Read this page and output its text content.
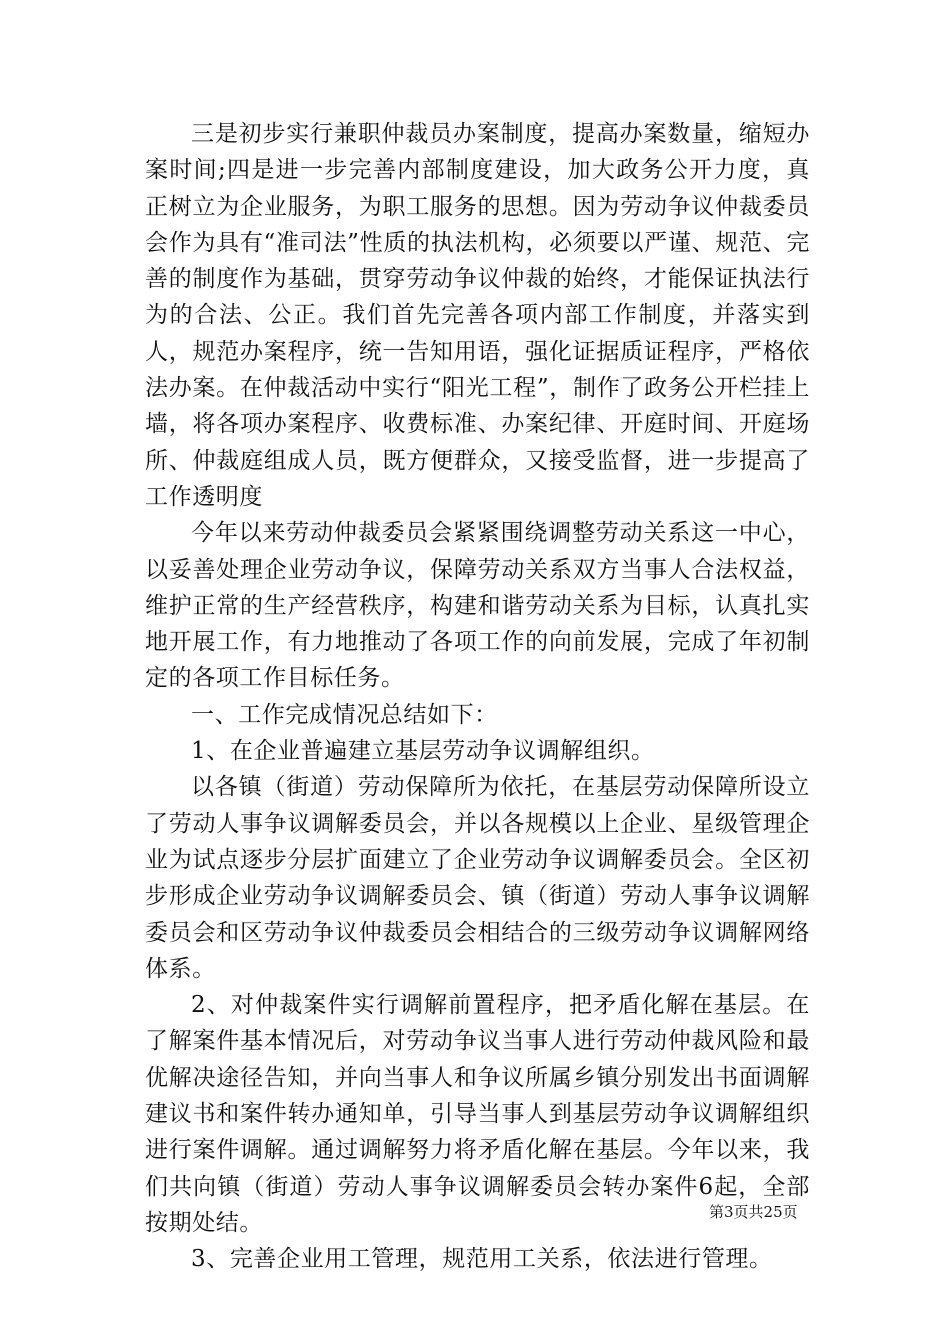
三是初步实行兼职仲裁员办案制度，提高办案数量，缩短办案时间;四是进一步完善内部制度建设，加大政务公开力度，真正树立为企业服务，为职工服务的思想。因为劳动争议仲裁委员会作为具有“准司法”性质的执法机构，必须要以严谨、规范、完善的制度作为基础，贯穿劳动争议仲裁的始终，才能保证执法行为的合法、公正。我们首先完善各项内部工作制度，并落实到人，规范办案程序，统一告知用语，强化证据质证程序，严格依法办案。在仲裁活动中实行“阳光工程”，制作了政务公开栏挂上墙，将各项办案程序、收费标准、办案纪律、开庭时间、开庭场所、仲裁庭组成人员，既方便群众，又接受监督，进一步提高了工作透明度

今年以来劳动仲裁委员会紧紧围绕调整劳动关系这一中心，以妥善处理企业劳动争议，保障劳动关系双方当事人合法权益，维护正常的生产经营秩序，构建和谐劳动关系为目标，认真扎实地开展工作，有力地推动了各项工作的向前发展，完成了年初制定的各项工作目标任务。

一、工作完成情况总结如下：

1、在企业普遍建立基层劳动争议调解组织。

以各镇（街道）劳动保障所为依托，在基层劳动保障所设立了劳动人事争议调解委员会，并以各规模以上企业、星级管理企业为试点逐步分层扩面建立了企业劳动争议调解委员会。全区初步形成企业劳动争议调解委员会、镇（街道）劳动人事争议调解委员会和区劳动争议仲裁委员会相结合的三级劳动争议调解网络体系。

2、对仲裁案件实行调解前置程序，把矛盾化解在基层。在了解案件基本情况后，对劳动争议当事人进行劳动仲裁风险和最优解决途径告知，并向当事人和争议所属乡镇分别发出书面调解建议书和案件转办通知单，引导当事人到基层劳动争议调解组织进行案件调解。通过调解努力将矛盾化解在基层。今年以来，我们共向镇（街道）劳动人事争议调解委员会转办案件6起，全部按期处结。

3、完善企业用工管理，规范用工关系，依法进行管理。

第3页共25页
